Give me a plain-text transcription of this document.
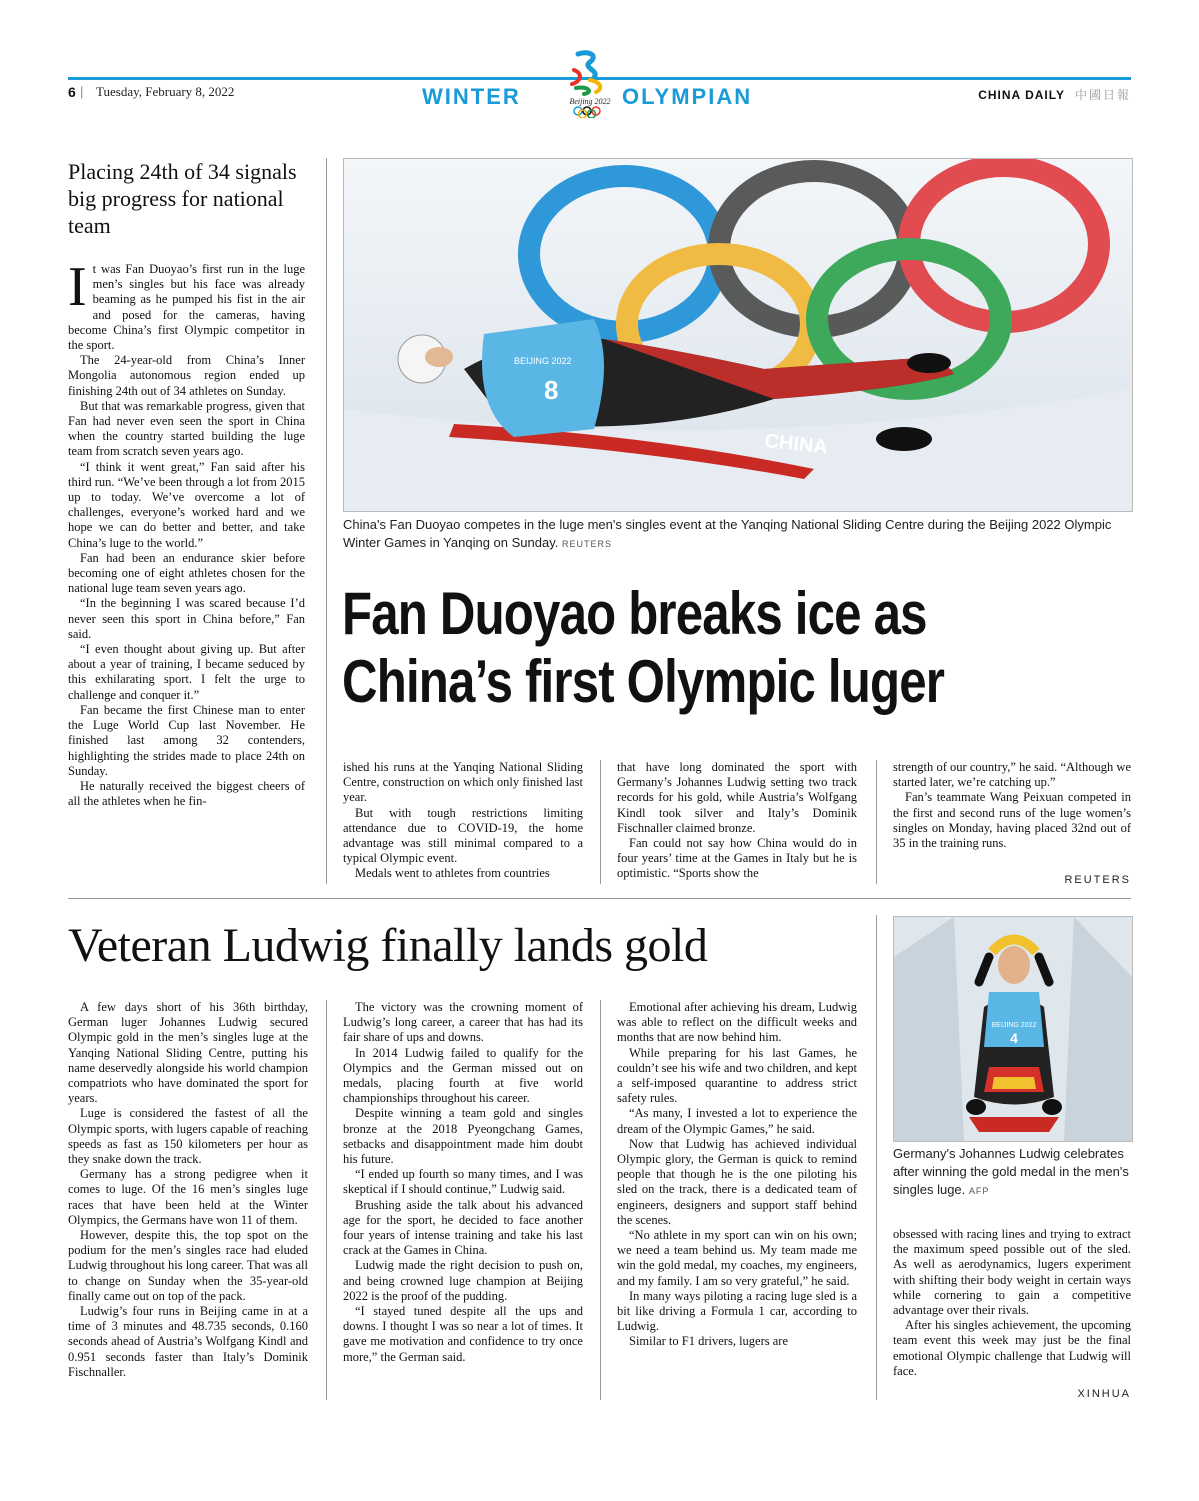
6 | Tuesday, February 8, 2022	WINTER	OLYMPIAN
Beijing 2022	CHINA DAILY 中國日報
Placing 24th of 34 signals big progress for national team

It was Fan Duoyao’s first run in the luge men’s singles but his face was already beaming as he pumped his fist in the air and posed for the cameras, having become China’s first Olympic competitor in the sport.

The 24-year-old from China’s Inner Mongolia autonomous region ended up finishing 24th out of 34 athletes on Sunday.

But that was remarkable progress, given that Fan had never even seen the sport in China when the country started building the luge team from scratch seven years ago.

“I think it went great,” Fan said after his third run. “We’ve been through a lot from 2015 up to today. We’ve overcome a lot of challenges, everyone’s worked hard and we hope we can do better and better, and take China’s luge to the world.”

Fan had been an endurance skier before becoming one of eight athletes chosen for the national luge team seven years ago.

“In the beginning I was scared because I’d never seen this sport in China before,” Fan said.

“I even thought about giving up. But after about a year of training, I became seduced by this exhilarating sport. I felt the urge to challenge and conquer it.”

Fan became the first Chinese man to enter the Luge World Cup last November. He finished last among 32 contenders, highlighting the strides made to place 24th on Sunday.

He naturally received the biggest cheers of all the athletes when he fin-

BEIJING 2022
8
CHINA
China's Fan Duoyao competes in the luge men's singles event at the Yanqing National Sliding Centre during the Beijing 2022 Olympic Winter Games in Yanqing on Sunday. REUTERS
Fan Duoyao breaks ice as
China’s first Olympic luger

ished his runs at the Yanqing National Sliding Centre, construction on which only finished last year.

But with tough restrictions limiting attendance due to COVID-19, the home advantage was still minimal compared to a typical Olympic event.

Medals went to athletes from countries

that have long dominated the sport with Germany’s Johannes Ludwig setting two track records for his gold, while Austria’s Wolfgang Kindl took silver and Italy’s Dominik Fischnaller claimed bronze.

Fan could not say how China would do in four years’ time at the Games in Italy but he is optimistic. “Sports show the

strength of our country,” he said. “Although we started later, we’re catching up.”

Fan’s teammate Wang Peixuan competed in the first and second runs of the luge women’s singles on Monday, having placed 32nd out of 35 in the training runs.

REUTERS
Veteran Ludwig finally lands gold

A few days short of his 36th birthday, German luger Johannes Ludwig secured Olympic gold in the men’s singles luge at the Yanqing National Sliding Centre, putting his name deservedly alongside his world champion compatriots who have dominated the sport for years.

Luge is considered the fastest of all the Olympic sports, with lugers capable of reaching speeds as fast as 150 kilometers per hour as they snake down the track.

Germany has a strong pedigree when it comes to luge. Of the 16 men’s singles luge races that have been held at the Winter Olympics, the Germans have won 11 of them.

However, despite this, the top spot on the podium for the men’s singles race had eluded Ludwig throughout his long career. That was all to change on Sunday when the 35-year-old finally came out on top of the pack.

Ludwig’s four runs in Beijing came in at a time of 3 minutes and 48.735 seconds, 0.160 seconds ahead of Austria’s Wolfgang Kindl and 0.951 seconds faster than Italy’s Dominik Fischnaller.

The victory was the crowning moment of Ludwig’s long career, a career that has had its fair share of ups and downs.

In 2014 Ludwig failed to qualify for the Olympics and the German missed out on medals, placing fourth at five world championships throughout his career.

Despite winning a team gold and singles bronze at the 2018 Pyeongchang Games, setbacks and disappointment made him doubt his future.

“I ended up fourth so many times, and I was skeptical if I should continue,” Ludwig said.

Brushing aside the talk about his advanced age for the sport, he decided to face another four years of intense training and take his last crack at the Games in China.

Ludwig made the right decision to push on, and being crowned luge champion at Beijing 2022 is the proof of the pudding.

“I stayed tuned despite all the ups and downs. I thought I was so near a lot of times. It gave me motivation and confidence to try once more,” the German said.

Emotional after achieving his dream, Ludwig was able to reflect on the difficult weeks and months that are now behind him.

While preparing for his last Games, he couldn’t see his wife and two children, and kept a self-imposed quarantine to address strict safety rules.

“As many, I invested a lot to experience the dream of the Olympic Games,” he said.

Now that Ludwig has achieved individual Olympic glory, the German is quick to remind people that though he is the one piloting his sled on the track, there is a dedicated team of engineers, designers and support staff behind the scenes.

“No athlete in my sport can win on his own; we need a team behind us. My team made me win the gold medal, my coaches, my engineers, and my family. I am so very grateful,” he said.

In many ways piloting a racing luge sled is a bit like driving a Formula 1 car, according to Ludwig.

Similar to F1 drivers, lugers are

BEIJING 2022
4
Germany's Johannes Ludwig celebrates after winning the gold medal in the men's singles luge. AFP

obsessed with racing lines and trying to extract the maximum speed possible out of the sled. As well as aerodynamics, lugers experiment with shifting their body weight in certain ways while cornering to gain a competitive advantage over their rivals.

After his singles achievement, the upcoming team event this week may just be the final emotional Olympic challenge that Ludwig will face.

XINHUA
